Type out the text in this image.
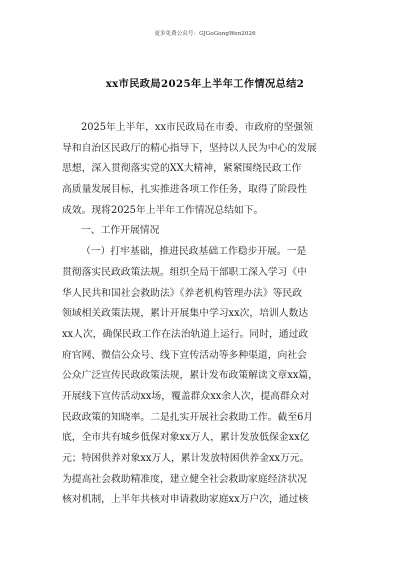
更多免费公众号：GJGoGongWen2026
xx市民政局2025年上半年工作情况总结2
2025年上半年，xx市民政局在市委、市政府的坚强领
导和自治区民政厅的精心指导下，坚持以人民为中心的发展
思想，深入贯彻落实党的XX大精神，紧紧围绕民政工作
高质量发展目标，扎实推进各项工作任务，取得了阶段性
成效。现将2025年上半年工作情况总结如下。
一、工作开展情况
（一）打牢基础，推进民政基础工作稳步开展。一是
贯彻落实民政政策法规。组织全局干部职工深入学习《中
华人民共和国社会救助法》《养老机构管理办法》等民政
领域相关政策法规，累计开展集中学习xx次，培训人数达
xx人次，确保民政工作在法治轨道上运行。同时，通过政
府官网、微信公众号、线下宣传活动等多种渠道，向社会
公众广泛宣传民政政策法规，累计发布政策解读文章xx篇，
开展线下宣传活动xx场，覆盖群众xx余人次，提高群众对
民政政策的知晓率。二是扎实开展社会救助工作。截至6月
底，全市共有城乡低保对象xx万人，累计发放低保金xx亿
元；特困供养对象xx万人，累计发放特困供养金xx万元。
为提高社会救助精准度，建立健全社会救助家庭经济状况
核对机制，上半年共核对申请救助家庭xx万户次，通过核
